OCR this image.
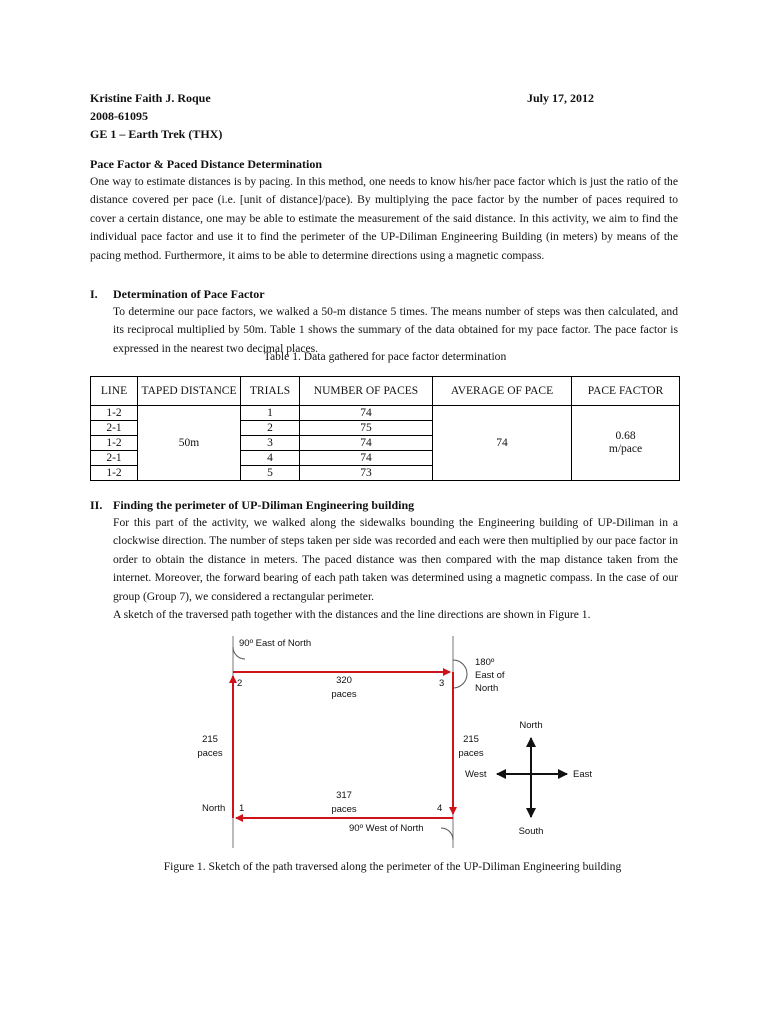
Kristine Faith J. Roque	July 17, 2012
2008-61095
GE 1 – Earth Trek (THX)
Pace Factor & Paced Distance Determination

One way to estimate distances is by pacing. In this method, one needs to know his/her pace factor which is just the ratio of the distance covered per pace (i.e. [unit of distance]/pace). By multiplying the pace factor by the number of paces required to cover a certain distance, one may be able to estimate the measurement of the said distance. In this activity, we aim to find the individual pace factor and use it to find the perimeter of the UP-Diliman Engineering Building (in meters) by means of the pacing method. Furthermore, it aims to be able to determine directions using a magnetic compass.

I. Determination of Pace Factor

To determine our pace factors, we walked a 50-m distance 5 times. The means number of steps was then calculated, and its reciprocal multiplied by 50m. Table 1 shows the summary of the data obtained for my pace factor. The pace factor is expressed in the nearest two decimal places.

Table 1. Data gathered for pace factor determination
LINE	TAPED DISTANCE	TRIALS	NUMBER OF PACES	AVERAGE OF PACE	PACE FACTOR
1-2	50m	1	74	74	0.68
m/pace
2-1		2	75		
1-2		3	74		
2-1		4	74		
1-2		5	73		
II. Finding the perimeter of UP-Diliman Engineering building

For this part of the activity, we walked along the sidewalks bounding the Engineering building of UP-Diliman in a clockwise direction. The number of steps taken per side was recorded and each were then multiplied by our pace factor in order to obtain the distance in meters. The paced distance was then compared with the map distance taken from the internet. Moreover, the forward bearing of each path taken was determined using a magnetic compass. In the case of our group (Group 7), we considered a rectangular perimeter.

A sketch of the traversed path together with the distances and the line directions are shown in Figure 1.

90º East of North
180º
East of
North
90º West of North
2	3
1	4
North
320
paces
215
paces
215
paces
317
paces
North
South
East
West
Figure 1. Sketch of the path traversed along the perimeter of the UP-Diliman Engineering building
